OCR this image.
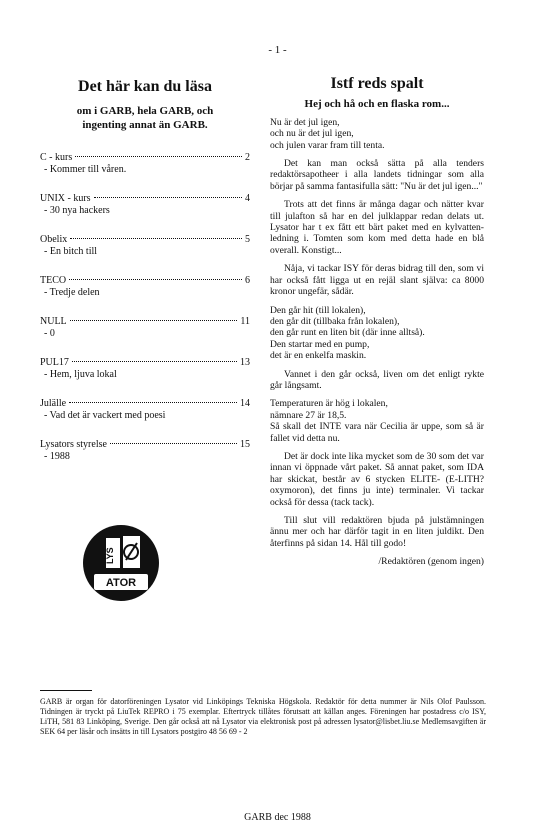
- 1 -
Det här kan du läsa
om i GARB, hela GARB, och
ingenting annat än GARB.
C - kurs	2
- Kommer till våren.
UNIX - kurs	4
- 30 nya hackers
Obelix	5
- En bitch till
TECO	6
- Tredje delen
NULL	11
- 0
PUL17	13
- Hem, ljuva lokal
Julälle	14
- Vad det är vackert med poesi
Lysators styrelse	15
- 1988
LYS
ATOR
Istf reds spalt
Hej och hå och en flaska rom...

Nu är det jul igen,
och nu är det jul igen,
och julen varar fram till tenta.

Det kan man också sätta på alla tenders redaktörsapotheer i alla landets tidningar som alla börjar på samma fantasifulla sätt: "Nu är det jul igen..."

Trots att det finns är många dagar och nätter kvar till julafton så har en del julklappar redan delats ut. Lysator har t ex fått ett bärt paket med en kylvatten-ledning i. Tomten som kom med detta hade en blå overall. Konstigt...

Nåja, vi tackar ISY för deras bidrag till den, som vi har också fått ligga ut en rejäl slant själva: ca 8000 kronor ungefär, sådär.

Den går hit (till lokalen),
den går dit (tillbaka från lokalen),
den går runt en liten bit (där inne alltså).
Den startar med en pump,
det är en enkelfa maskin.

Vannet i den går också, liven om det enligt rykte går långsamt.

Temperaturen är hög i lokalen,
nämnare 27 är 18,5.
Så skall det INTE vara när Cecilia är uppe, som så är fallet vid detta nu.

Det är dock inte lika mycket som de 30 som det var innan vi öppnade vårt paket. Så annat paket, som IDA har skickat, består av 6 stycken ELITE- (E-LITH? oxymoron), det finns ju inte) terminaler. Vi tackar också för dessa (tack tack).

Till slut vill redaktören bjuda på julstämningen ännu mer och har därför tagit in en liten juldikt. Den återfinns på sidan 14. Hål till godo!

/Redaktören (genom ingen)
GARB är organ för datorföreningen Lysator vid Linköpings Tekniska Högskola. Redaktör för detta nummer är Nils Olof Paulsson. Tidningen är tryckt på LiuTek REPRO i 75 exemplar. Eftertryck tillåtes förutsatt att källan anges. Föreningen har postadress c/o ISY, LiTH, 581 83 Linköping, Sverige. Den går också att nå Lysator via elektronisk post på adressen lysator@lisbet.liu.se Medlemsavgiften är SEK 64 per läsår och insätts in till Lysators postgiro 48 56 69 - 2
GARB dec 1988
